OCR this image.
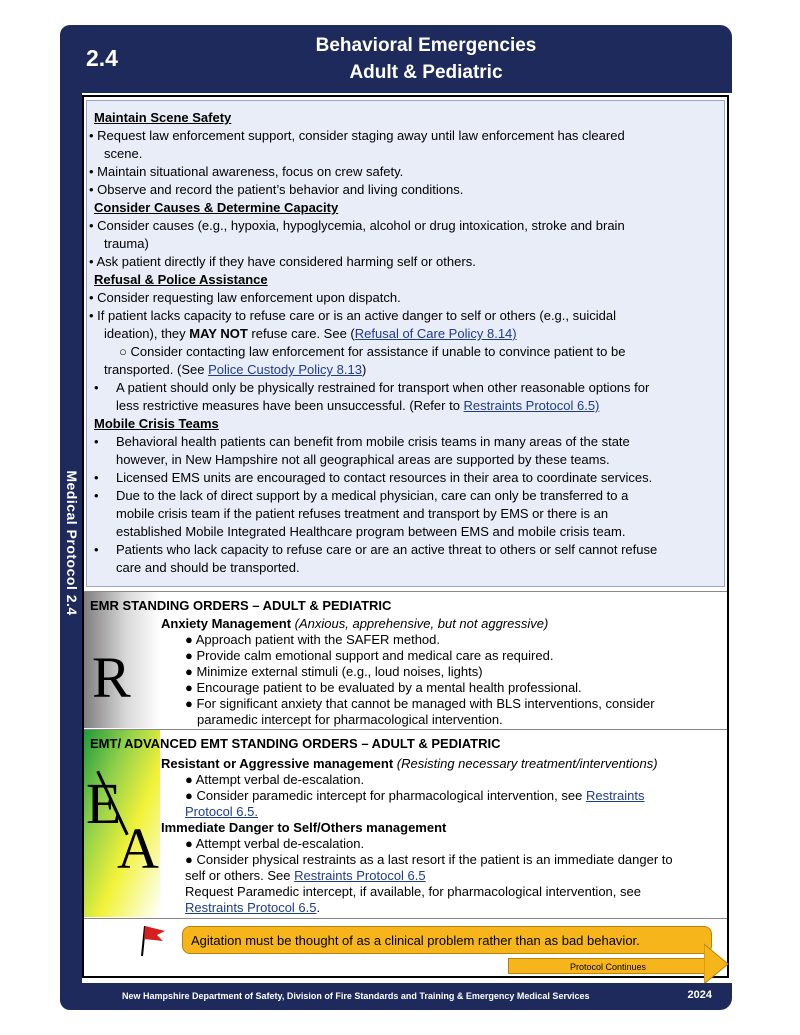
2.4	Behavioral Emergencies
Adult & Pediatric
Medical Protocol 2.4
Maintain Scene Safety
• Request law enforcement support, consider staging away until law enforcement has cleared
scene.
• Maintain situational awareness, focus on crew safety.
• Observe and record the patient’s behavior and living conditions.
Consider Causes & Determine Capacity
• Consider causes (e.g., hypoxia, hypoglycemia, alcohol or drug intoxication, stroke and brain
trauma)
• Ask patient directly if they have considered harming self or others.
Refusal & Police Assistance
• Consider requesting law enforcement upon dispatch.
• If patient lacks capacity to refuse care or is an active danger to self or others (e.g., suicidal
ideation), they MAY NOT refuse care. See (Refusal of Care Policy 8.14)
○ Consider contacting law enforcement for assistance if unable to convince patient to be
transported. (See Police Custody Policy 8.13)
• A patient should only be physically restrained for transport when other reasonable options for
less restrictive measures have been unsuccessful. (Refer to Restraints Protocol 6.5)
Mobile Crisis Teams
• Behavioral health patients can benefit from mobile crisis teams in many areas of the state
however, in New Hampshire not all geographical areas are supported by these teams.
• Licensed EMS units are encouraged to contact resources in their area to coordinate services.
• Due to the lack of direct support by a medical physician, care can only be transferred to a
mobile crisis team if the patient refuses treatment and transport by EMS or there is an
established Mobile Integrated Healthcare program between EMS and mobile crisis team.
• Patients who lack capacity to refuse care or are an active threat to others or self cannot refuse
care and should be transported.
R
EMR STANDING ORDERS – ADULT & PEDIATRIC
Anxiety Management (Anxious, apprehensive, but not aggressive)
● Approach patient with the SAFER method.
● Provide calm emotional support and medical care as required.
● Minimize external stimuli (e.g., loud noises, lights)
● Encourage patient to be evaluated by a mental health professional.
● For significant anxiety that cannot be managed with BLS interventions, consider
paramedic intercept for pharmacological intervention.
E
A
EMT/ ADVANCED EMT STANDING ORDERS – ADULT & PEDIATRIC
Resistant or Aggressive management (Resisting necessary treatment/interventions)
● Attempt verbal de-escalation.
● Consider paramedic intercept for pharmacological intervention, see Restraints
Protocol 6.5.
Immediate Danger to Self/Others management
● Attempt verbal de-escalation.
● Consider physical restraints as a last resort if the patient is an immediate danger to
self or others. See Restraints Protocol 6.5
Request Paramedic intercept, if available, for pharmacological intervention, see
Restraints Protocol 6.5.
Agitation must be thought of as a clinical problem rather than as bad behavior.
Protocol Continues
New Hampshire Department of Safety, Division of Fire Standards and Training & Emergency Medical Services	2024
